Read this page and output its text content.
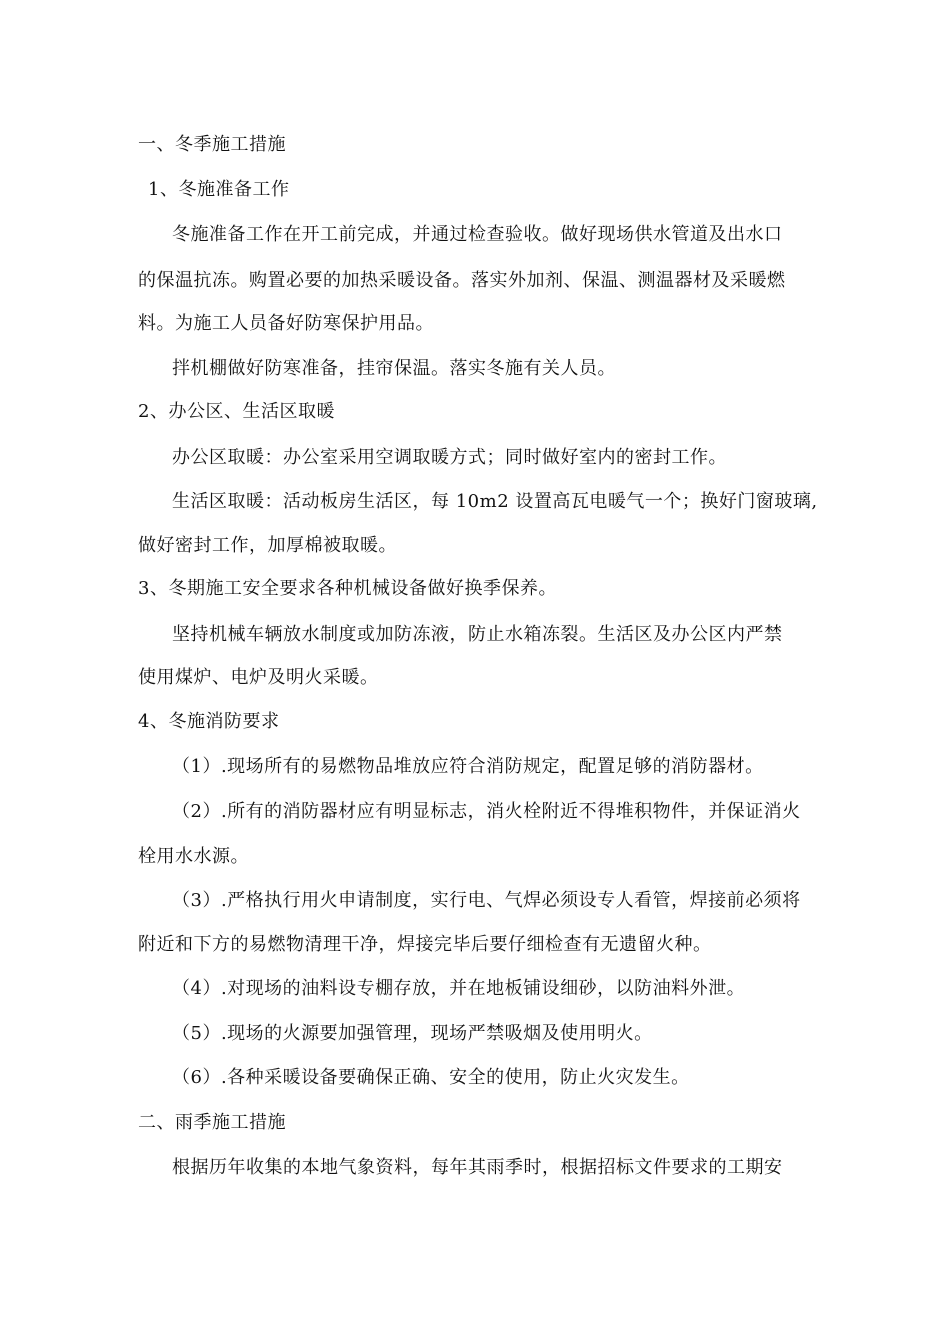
一、冬季施工措施
1、冬施准备工作
冬施准备工作在开工前完成，并通过检查验收。做好现场供水管道及出水口
的保温抗冻。购置必要的加热采暖设备。落实外加剂、保温、测温器材及采暖燃
料。为施工人员备好防寒保护用品。
拌机棚做好防寒准备，挂帘保温。落实冬施有关人员。
2、办公区、生活区取暖
办公区取暖：办公室采用空调取暖方式；同时做好室内的密封工作。
生活区取暖：活动板房生活区，每 10m2 设置高瓦电暖气一个；换好门窗玻璃,
做好密封工作，加厚棉被取暖。
3、冬期施工安全要求各种机械设备做好换季保养。
坚持机械车辆放水制度或加防冻液，防止水箱冻裂。生活区及办公区内严禁
使用煤炉、电炉及明火采暖。
4、冬施消防要求
（1）.现场所有的易燃物品堆放应符合消防规定，配置足够的消防器材。
（2）.所有的消防器材应有明显标志，消火栓附近不得堆积物件，并保证消火
栓用水水源。
（3）.严格执行用火申请制度，实行电、气焊必须设专人看管，焊接前必须将
附近和下方的易燃物清理干净，焊接完毕后要仔细检查有无遗留火种。
（4）.对现场的油料设专棚存放，并在地板铺设细砂，以防油料外泄。
（5）.现场的火源要加强管理，现场严禁吸烟及使用明火。
（6）.各种采暖设备要确保正确、安全的使用，防止火灾发生。
二、雨季施工措施
根据历年收集的本地气象资料，每年其雨季时，根据招标文件要求的工期安
